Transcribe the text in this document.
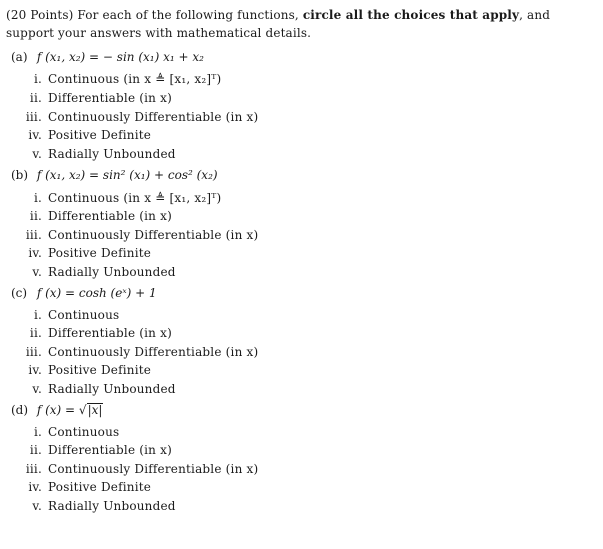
(20 Points) For each of the following functions, circle all the choices that apply, and support your answers with mathematical details.
(a) f (x₁, x₂) = − sin (x₁) x₁ + x₂
i. Continuous (in x ≜ [x₁, x₂]ᵀ)
ii. Differentiable (in x)
iii. Continuously Differentiable (in x)
iv. Positive Definite
v. Radially Unbounded
(b) f (x₁, x₂) = sin² (x₁) + cos² (x₂)
i. Continuous (in x ≜ [x₁, x₂]ᵀ)
ii. Differentiable (in x)
iii. Continuously Differentiable (in x)
iv. Positive Definite
v. Radially Unbounded
(c) f (x) = cosh (eˣ) + 1
i. Continuous
ii. Differentiable (in x)
iii. Continuously Differentiable (in x)
iv. Positive Definite
v. Radially Unbounded
(d) f (x) = √|x|
i. Continuous
ii. Differentiable (in x)
iii. Continuously Differentiable (in x)
iv. Positive Definite
v. Radially Unbounded
